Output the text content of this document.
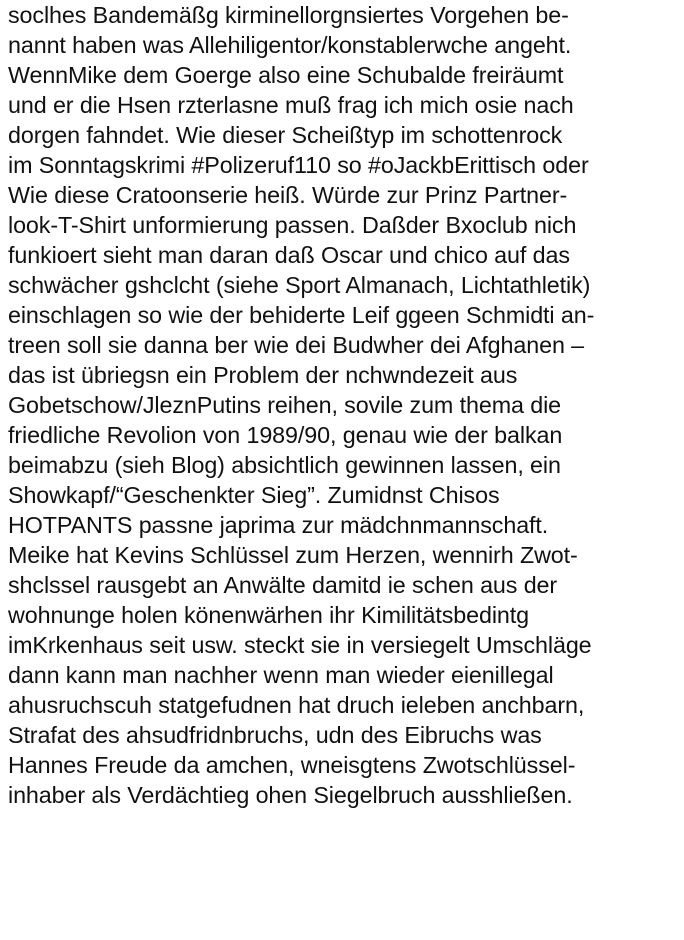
soclhes Bandemäßg kirminellorgnsiertes Vorgehen be-
nannt haben was Allehiligentor/konstablerwche angeht.
WennMike dem Goerge also eine Schubalde freiräumt
und er die Hsen rzterlasne muß frag ich mich osie nach
dorgen fahndet. Wie dieser Scheißtyp im schottenrock
im Sonntagskrimi #Polizeruf110 so #oJackbErittisch oder
Wie diese Cratoonserie heiß. Würde zur Prinz Partner-
look-T-Shirt unformierung passen. Daßder Bxoclub nich
funkioert sieht man daran daß Oscar und chico auf das
schwächer gshclcht (siehe Sport Almanach, Lichtathletik)
einschlagen so wie der behiderte Leif ggeen Schmidti an-
treen soll sie danna ber wie dei Budwher dei Afghanen –
das ist übriegsn ein Problem der nchwndezeit aus
Gobetschow/JleznPutins reihen, sovile zum thema die
friedliche Revolion von 1989/90, genau wie der balkan
beimabzu (sieh Blog) absichtlich gewinnen lassen, ein
Showkapf/“Geschenkter Sieg”. Zumidnst Chisos
HOTPANTS passne japrima zur mädchnmannschaft.
Meike hat Kevins Schlüssel zum Herzen, wennirh Zwot-
shclssel rausgebt an Anwälte damitd ie schen aus der
wohnunge holen könenwärhen ihr Kimilitätsbedintg
imKrkenhaus seit usw. steckt sie in versiegelt Umschläge
dann kann man nachher wenn man wieder eienillegal
ahusruchscuh statgefudnen hat druch ieleben anchbarn,
Strafat des ahsudfridnbruchs, udn des Eibruchs was
Hannes Freude da amchen, wneisgtens Zwotschlüssel-
inhaber als Verdächtieg ohen Siegelbruch ausshließen.
